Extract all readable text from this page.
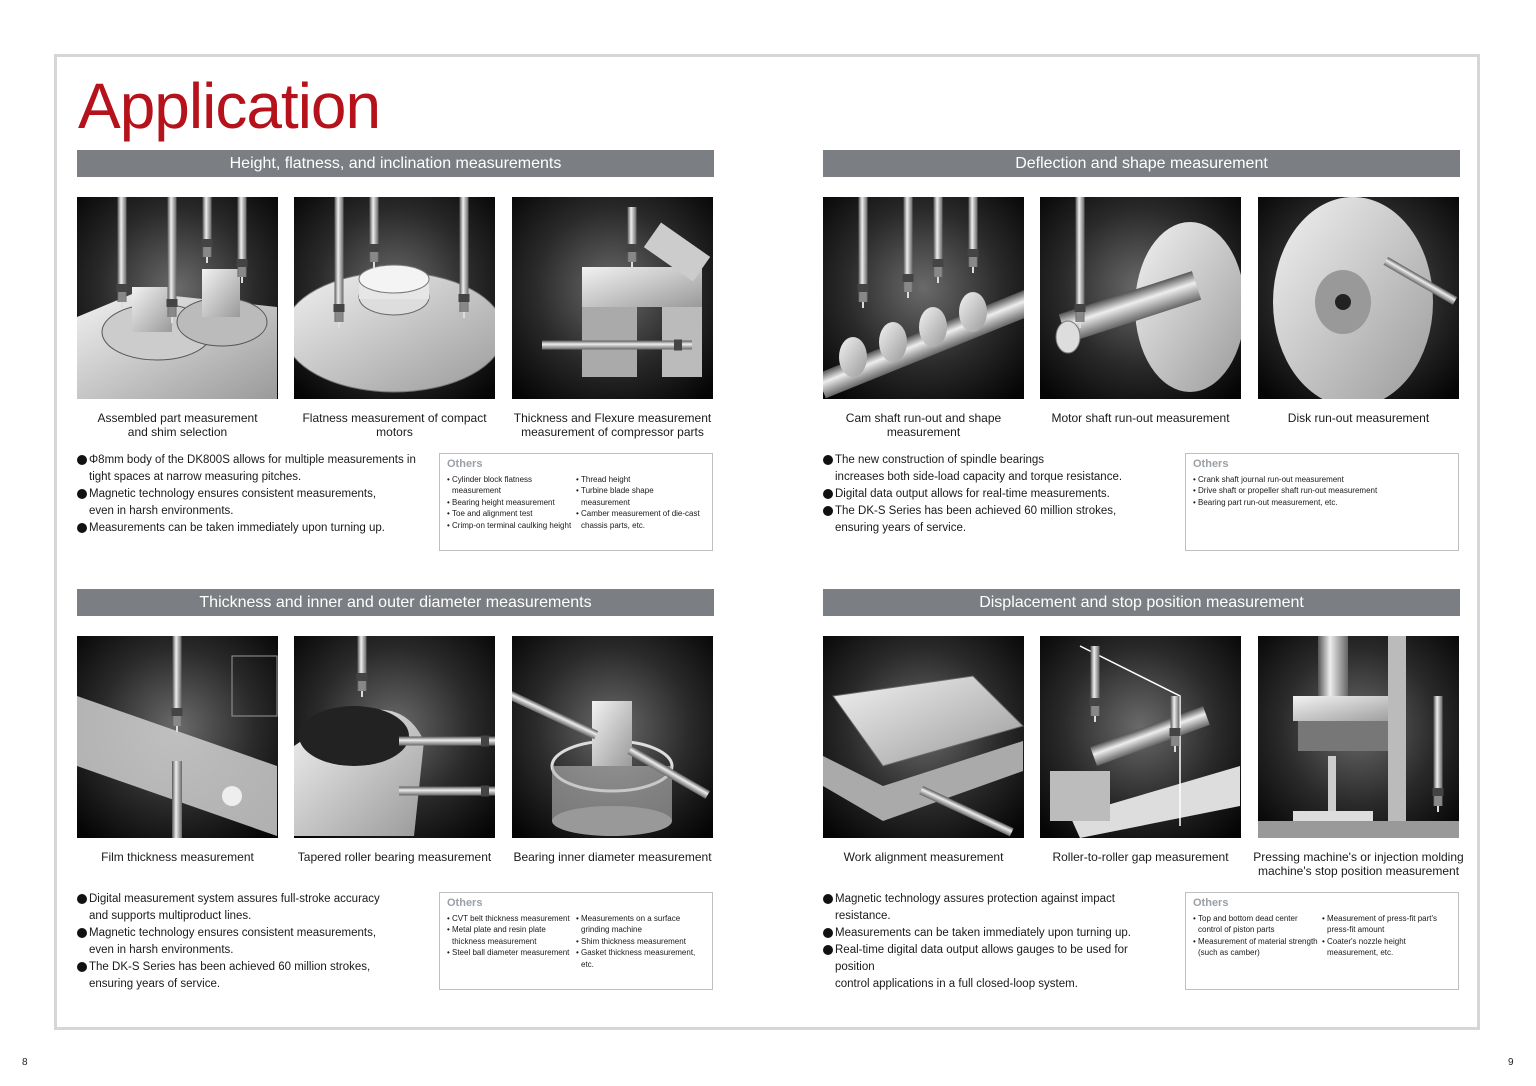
Application
8	9
Height, flatness, and inclination measurements
Assembled part measurement
and shim selection
Flatness measurement of compact motors
Thickness and Flexure measurement
measurement of compressor parts
Φ8mm body of the DK800S allows for multiple measurements in
tight spaces at narrow measuring pitches.
Magnetic technology ensures consistent measurements,
even in harsh environments.
Measurements can be taken immediately upon turning up.
Others
• Cylinder block flatness measurement
• Bearing height measurement
• Toe and alignment test
• Crimp-on terminal caulking height
• Thread height
• Turbine blade shape measurement
• Camber measurement of die-cast chassis parts, etc.
Deflection and shape measurement
Cam shaft run-out and shape measurement
Motor shaft run-out measurement	Disk run-out measurement
The new construction of spindle bearings
increases both side-load capacity and torque resistance.
Digital data output allows for real-time measurements.
The DK-S Series has been achieved 60 million strokes,
ensuring years of service.
Others
• Crank shaft journal run-out measurement
• Drive shaft or propeller shaft run-out measurement
• Bearing part run-out measurement, etc.
Thickness and inner and outer diameter measurements
Film thickness measurement	Tapered roller bearing measurement	Bearing inner diameter measurement
Digital measurement system assures full-stroke accuracy
and supports multiproduct lines.
Magnetic technology ensures consistent measurements,
even in harsh environments.
The DK-S Series has been achieved 60 million strokes,
ensuring years of service.
Others
• CVT belt thickness measurement
• Metal plate and resin plate thickness measurement
• Steel ball diameter measurement
• Measurements on a surface grinding machine
• Shim thickness measurement
• Gasket thickness measurement, etc.
Displacement and stop position measurement
Work alignment measurement	Roller-to-roller gap measurement	Pressing machine's or injection molding
machine's stop position measurement
Magnetic technology assures protection against impact resistance.
Measurements can be taken immediately upon turning up.
Real-time digital data output allows gauges to be used for position
control applications in a full closed-loop system.
Others
• Top and bottom dead center control of piston parts
• Measurement of material strength (such as camber)
• Measurement of press-fit part's press-fit amount
• Coater's nozzle height measurement, etc.
